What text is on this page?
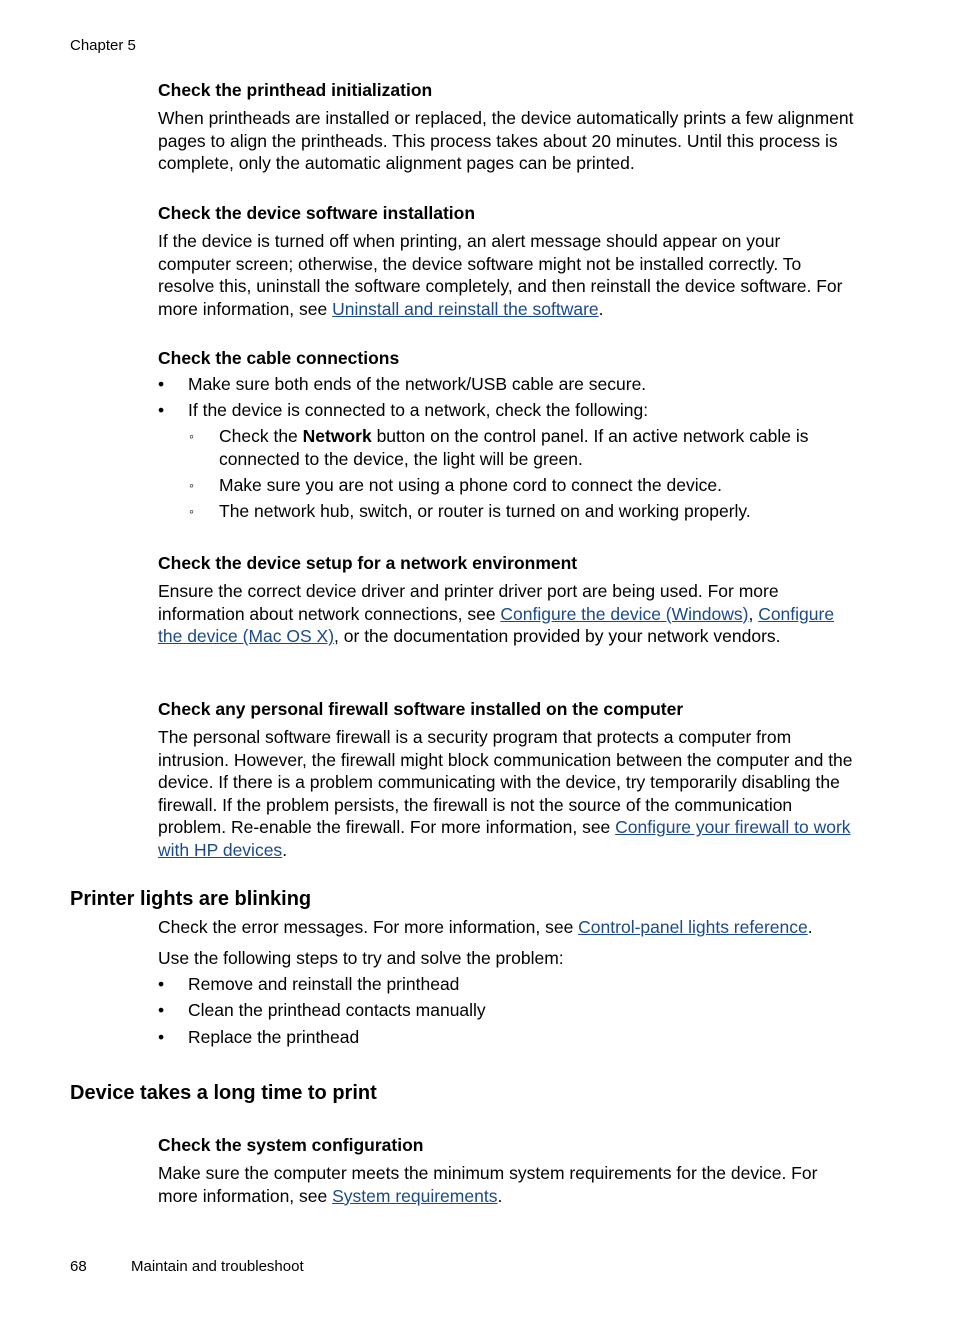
Chapter 5
Check the printhead initialization

When printheads are installed or replaced, the device automatically prints a few alignment pages to align the printheads. This process takes about 20 minutes. Until this process is complete, only the automatic alignment pages can be printed.

Check the device software installation

If the device is turned off when printing, an alert message should appear on your computer screen; otherwise, the device software might not be installed correctly. To resolve this, uninstall the software completely, and then reinstall the device software. For more information, see Uninstall and reinstall the software.

Check the cable connections
• Make sure both ends of the network/USB cable are secure.
• If the device is connected to a network, check the following:
◦ Check the Network button on the control panel. If an active network cable is connected to the device, the light will be green.
◦ Make sure you are not using a phone cord to connect the device.
◦ The network hub, switch, or router is turned on and working properly.
Check the device setup for a network environment

Ensure the correct device driver and printer driver port are being used. For more information about network connections, see Configure the device (Windows), Configure the device (Mac OS X), or the documentation provided by your network vendors.

Check any personal firewall software installed on the computer

The personal software firewall is a security program that protects a computer from intrusion. However, the firewall might block communication between the computer and the device. If there is a problem communicating with the device, try temporarily disabling the firewall. If the problem persists, the firewall is not the source of the communication problem. Re-enable the firewall. For more information, see Configure your firewall to work with HP devices.

Printer lights are blinking

Check the error messages. For more information, see Control-panel lights reference.

Use the following steps to try and solve the problem:

• Remove and reinstall the printhead
• Clean the printhead contacts manually
• Replace the printhead
Device takes a long time to print
Check the system configuration

Make sure the computer meets the minimum system requirements for the device. For more information, see System requirements.

68	Maintain and troubleshoot
